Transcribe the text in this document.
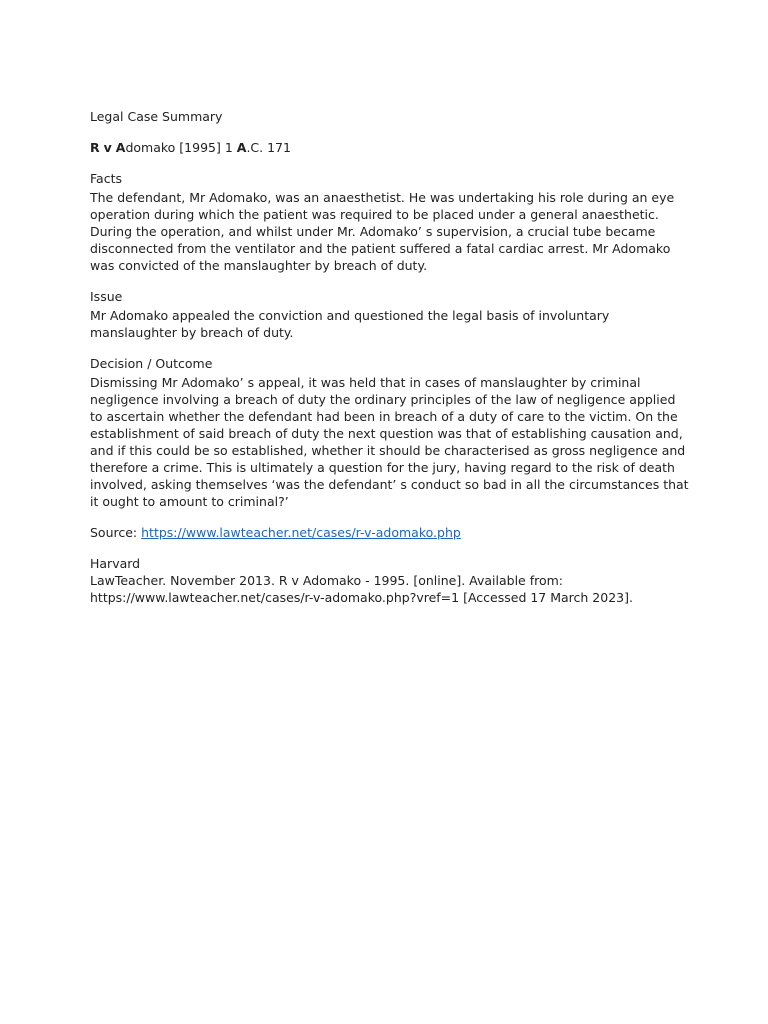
Legal Case Summary
R v Adomako [1995] 1 A.C. 171
Facts
The defendant, Mr Adomako, was an anaesthetist. He was undertaking his role during an eye operation during which the patient was required to be placed under a general anaesthetic. During the operation, and whilst under Mr. Adomako’ s supervision, a crucial tube became disconnected from the ventilator and the patient suffered a fatal cardiac arrest. Mr Adomako was convicted of the manslaughter by breach of duty.
Issue
Mr Adomako appealed the conviction and questioned the legal basis of involuntary manslaughter by breach of duty.
Decision / Outcome
Dismissing Mr Adomako’ s appeal, it was held that in cases of manslaughter by criminal negligence involving a breach of duty the ordinary principles of the law of negligence applied to ascertain whether the defendant had been in breach of a duty of care to the victim. On the establishment of said breach of duty the next question was that of establishing causation and, and if this could be so established, whether it should be characterised as gross negligence and therefore a crime. This is ultimately a question for the jury, having regard to the risk of death involved, asking themselves ‘was the defendant’ s conduct so bad in all the circumstances that it ought to amount to criminal?’
Source: https://www.lawteacher.net/cases/r-v-adomako.php
Harvard
LawTeacher. November 2013. R v Adomako - 1995. [online]. Available from:
https://www.lawteacher.net/cases/r-v-adomako.php?vref=1 [Accessed 17 March 2023].
